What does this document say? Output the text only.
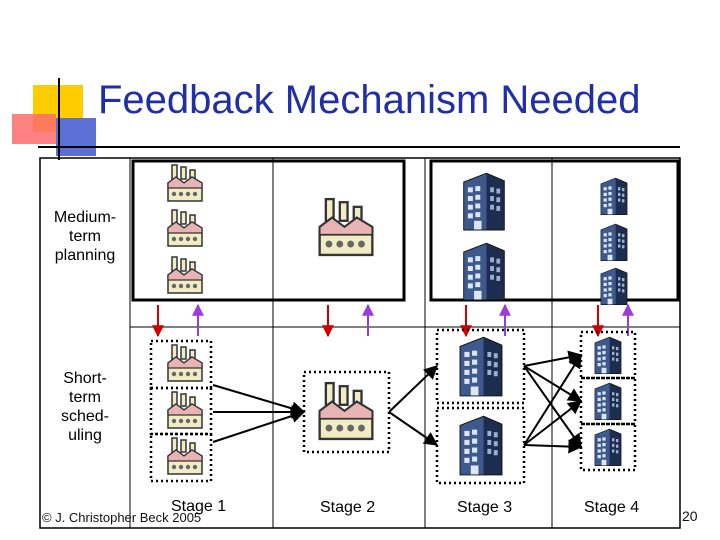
Feedback Mechanism Needed
Medium-
term
planning
Short-
term
sched-
uling
Stage 1	Stage 2	Stage 3	Stage 4
© J. Christopher Beck 2005	20
